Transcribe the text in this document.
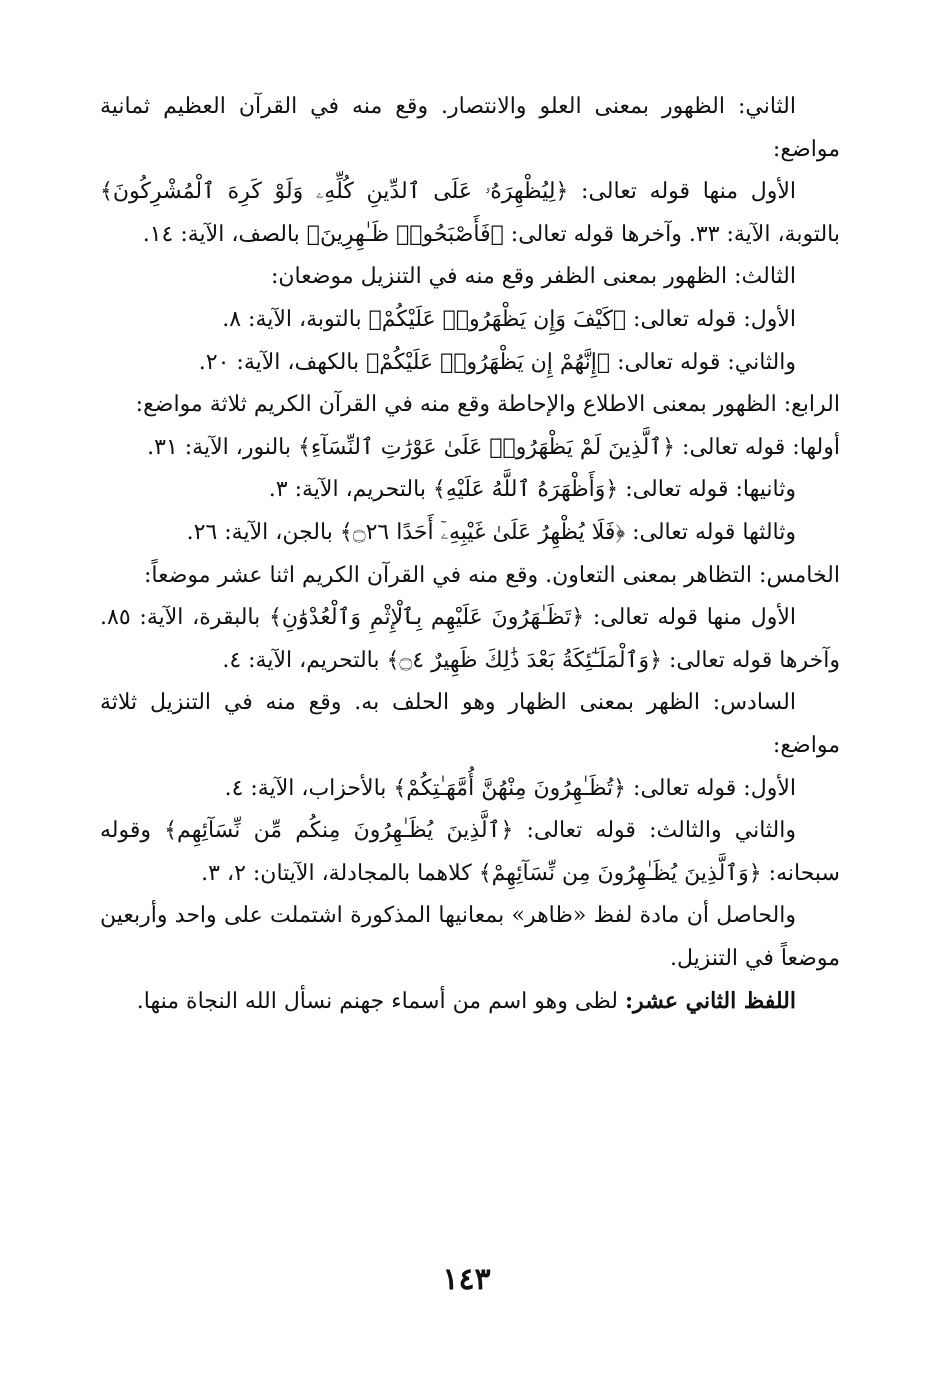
الثاني: الظهور بمعنى العلو والانتصار. وقع منه في القرآن العظيم ثمانية مواضع:

الأول منها قوله تعالى: ﴿لِيُظْهِرَهُۥ عَلَى ٱلدِّينِ كُلِّهِۦ وَلَوْ كَرِهَ ٱلْمُشْرِكُونَ﴾ بالتوبة، الآية: ٣٣. وآخرها قوله تعالى: ﴿فَأَصْبَحُوا۟ ظَـٰهِرِينَ﴾ بالصف، الآية: ١٤.

الثالث: الظهور بمعنى الظفر وقع منه في التنزيل موضعان:

الأول: قوله تعالى: ﴿كَيْفَ وَإِن يَظْهَرُوا۟ عَلَيْكُمْ﴾ بالتوبة، الآية: ٨.

والثاني: قوله تعالى: ﴿إِنَّهُمْ إِن يَظْهَرُوا۟ عَلَيْكُمْ﴾ بالكهف، الآية: ٢٠.

الرابع: الظهور بمعنى الاطلاع والإحاطة وقع منه في القرآن الكريم ثلاثة مواضع:

أولها: قوله تعالى: ﴿ٱلَّذِينَ لَمْ يَظْهَرُوا۟ عَلَىٰ عَوْرَٰتِ ٱلنِّسَآءِ﴾ بالنور، الآية: ٣١.

وثانيها: قوله تعالى: ﴿وَأَظْهَرَهُ ٱللَّهُ عَلَيْهِ﴾ بالتحريم، الآية: ٣.

وثالثها قوله تعالى: ﴿فَلَا يُظْهِرُ عَلَىٰ غَيْبِهِۦٓ أَحَدًا ۝٢٦﴾ بالجن، الآية: ٢٦.

الخامس: التظاهر بمعنى التعاون. وقع منه في القرآن الكريم اثنا عشر موضعاً:

الأول منها قوله تعالى: ﴿تَظَـٰهَرُونَ عَلَيْهِم بِٱلْإِثْمِ وَٱلْعُدْوَٰنِ﴾ بالبقرة، الآية: ٨٥. وآخرها قوله تعالى: ﴿وَٱلْمَلَـٰٓئِكَةُ بَعْدَ ذَٰلِكَ ظَهِيرٌ ۝٤﴾ بالتحريم، الآية: ٤.

السادس: الظهر بمعنى الظهار وهو الحلف به. وقع منه في التنزيل ثلاثة مواضع:

الأول: قوله تعالى: ﴿تُظَـٰهِرُونَ مِنْهُنَّ أُمَّهَـٰتِكُمْ﴾ بالأحزاب، الآية: ٤.

والثاني والثالث: قوله تعالى: ﴿ٱلَّذِينَ يُظَـٰهِرُونَ مِنكُم مِّن نِّسَآئِهِم﴾ وقوله سبحانه: ﴿وَٱلَّذِينَ يُظَـٰهِرُونَ مِن نِّسَآئِهِمْ﴾ كلاهما بالمجادلة، الآيتان: ٢، ٣.

والحاصل أن مادة لفظ «ظاهر» بمعانيها المذكورة اشتملت على واحد وأربعين موضعاً في التنزيل.

اللفظ الثاني عشر: لظى وهو اسم من أسماء جهنم نسأل الله النجاة منها.

١٤٣
